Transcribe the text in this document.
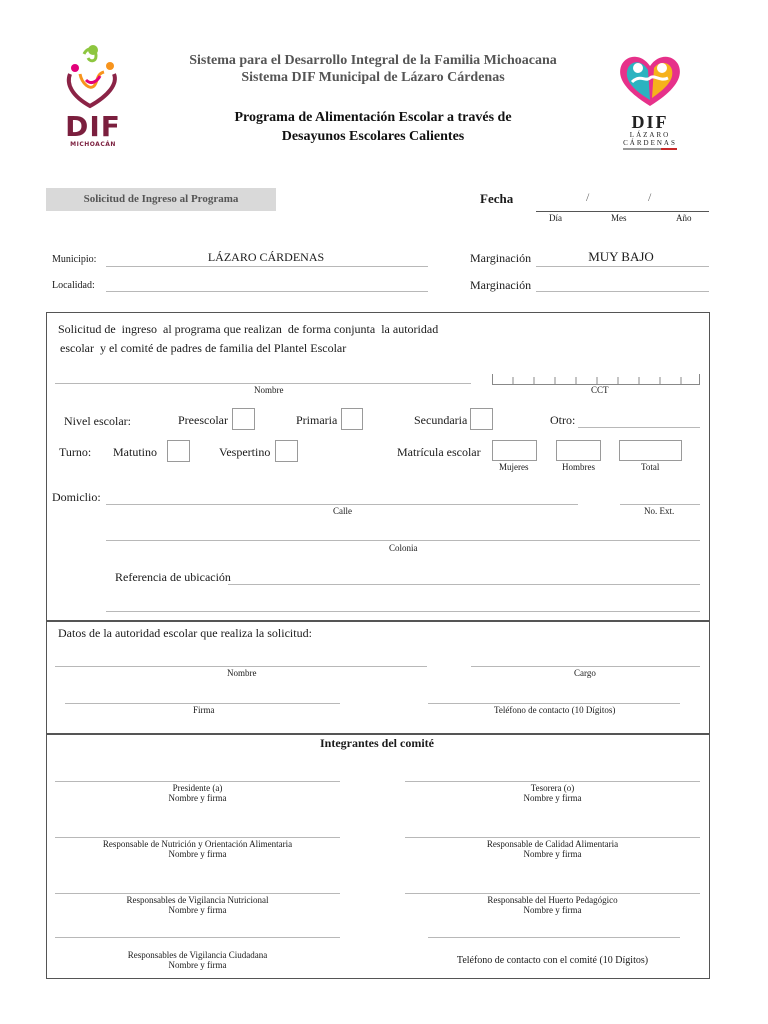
DIF
MICHOACÁN
Sistema para el Desarrollo Integral de la Familia Michoacana
Sistema DIF Municipal de Lázaro Cárdenas
Programa de Alimentación Escolar a través de
Desayunos Escolares Calientes
DIF
LÁZARO
CÁRDENAS
Solicitud de Ingreso al Programa	Fecha	/	/
Día	Mes	Año
Municipio:	LÁZARO CÁRDENAS
Localidad:
Marginación	MUY BAJO
Marginación
Solicitud de  ingreso  al programa que realizan  de forma conjunta  la autoridad
escolar  y el comité de padres de familia del Plantel Escolar
Nombre	CCT
Nivel escolar:	Preescolar	Primaria	Secundaria	Otro:
Turno: Matutino	Vespertino	Matrícula escolar
Mujeres	Hombres	Total
Domiclio:
Calle	No. Ext.
Colonia
Referencia de ubicación
Datos de la autoridad escolar que realiza la solicitud:
Nombre	Cargo
Firma	Teléfono de contacto (10 Dígitos)
Integrantes del comité
Presidente (a)
Nombre y firma
Tesorera (o)
Nombre y firma
Responsable de Nutrición y Orientación Alimentaria
Nombre y firma
Responsable de Calidad Alimentaria
Nombre y firma
Responsables de Vigilancia Nutricional
Nombre y firma
Responsable del Huerto Pedagógico
Nombre y firma
Responsables de Vigilancia Ciudadana
Nombre y firma	Teléfono de contacto con el comité (10 Dígitos)
